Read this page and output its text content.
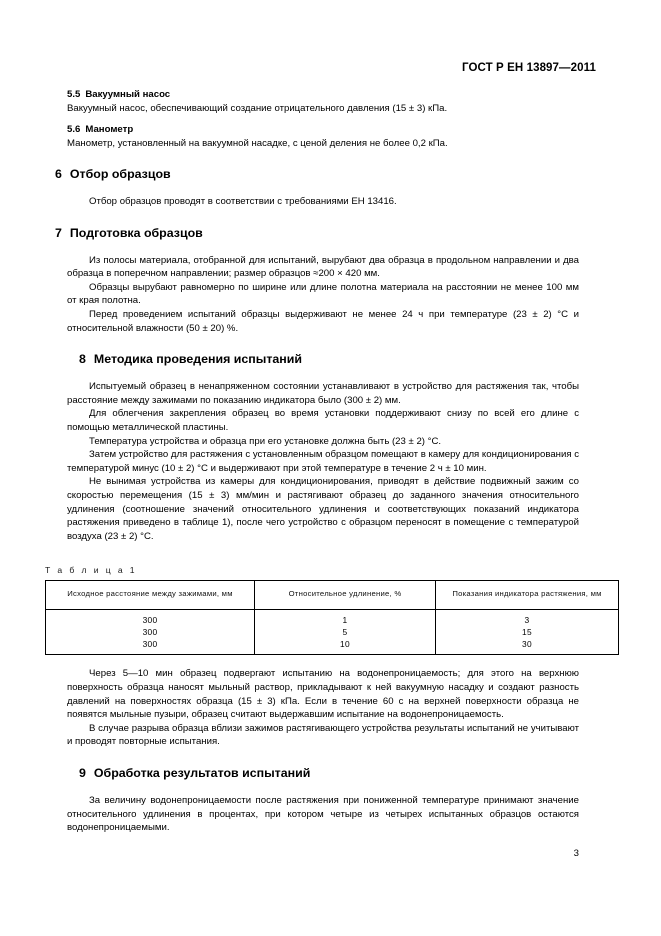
ГОСТ Р ЕН 13897—2011
5.5 Вакуумный насос
Вакуумный насос, обеспечивающий создание отрицательного давления (15 ± 3) кПа.
5.6 Манометр
Манометр, установленный на вакуумной насадке, с ценой деления не более 0,2 кПа.
6 Отбор образцов

Отбор образцов проводят в соответствии с требованиями ЕН 13416.

7 Подготовка образцов

Из полосы материала, отобранной для испытаний, вырубают два образца в продольном направлении и два образца в поперечном направлении; размер образцов ≈200 × 420 мм.

Образцы вырубают равномерно по ширине или длине полотна материала на расстоянии не менее 100 мм от края полотна.

Перед проведением испытаний образцы выдерживают не менее 24 ч при температуре (23 ± 2) °С и относительной влажности (50 ± 20) %.

8 Методика проведения испытаний

Испытуемый образец в ненапряженном состоянии устанавливают в устройство для растяжения так, чтобы расстояние между зажимами по показанию индикатора было (300 ± 2) мм.

Для облегчения закрепления образец во время установки поддерживают снизу по всей его длине с помощью металлической пластины.

Температура устройства и образца при его установке должна быть (23 ± 2) °С.

Затем устройство для растяжения с установленным образцом помещают в камеру для кондиционирования с температурой минус (10 ± 2) °С и выдерживают при этой температуре в течение 2 ч ± 10 мин.

Не вынимая устройства из камеры для кондиционирования, приводят в действие подвижный зажим со скоростью перемещения (15 ± 3) мм/мин и растягивают образец до заданного значения относительного удлинения (соотношение значений относительного удлинения и соответствующих показаний индикатора растяжения приведено в таблице 1), после чего устройство с образцом переносят в помещение с температурой воздуха (23 ± 2) °С.

Т а б л и ц а 1
Исходное расстояние между зажимами, мм	Относительное удлинение, %	Показания индикатора растяжения, мм
300	1	3
300	5	15
300	10	30

Через 5—10 мин образец подвергают испытанию на водонепроницаемость; для этого на верхнюю поверхность образца наносят мыльный раствор, прикладывают к ней вакуумную насадку и создают разность давлений на поверхностях образца (15 ± 3) кПа. Если в течение 60 с на верхней поверхности образца не появятся мыльные пузыри, образец считают выдержавшим испытание на водонепроницаемость.

В случае разрыва образца вблизи зажимов растягивающего устройства результаты испытаний не учитывают и проводят повторные испытания.

9 Обработка результатов испытаний

За величину водонепроницаемости после растяжения при пониженной температуре принимают значение относительного удлинения в процентах, при котором четыре из четырех испытанных образцов остаются водонепроницаемыми.

3
